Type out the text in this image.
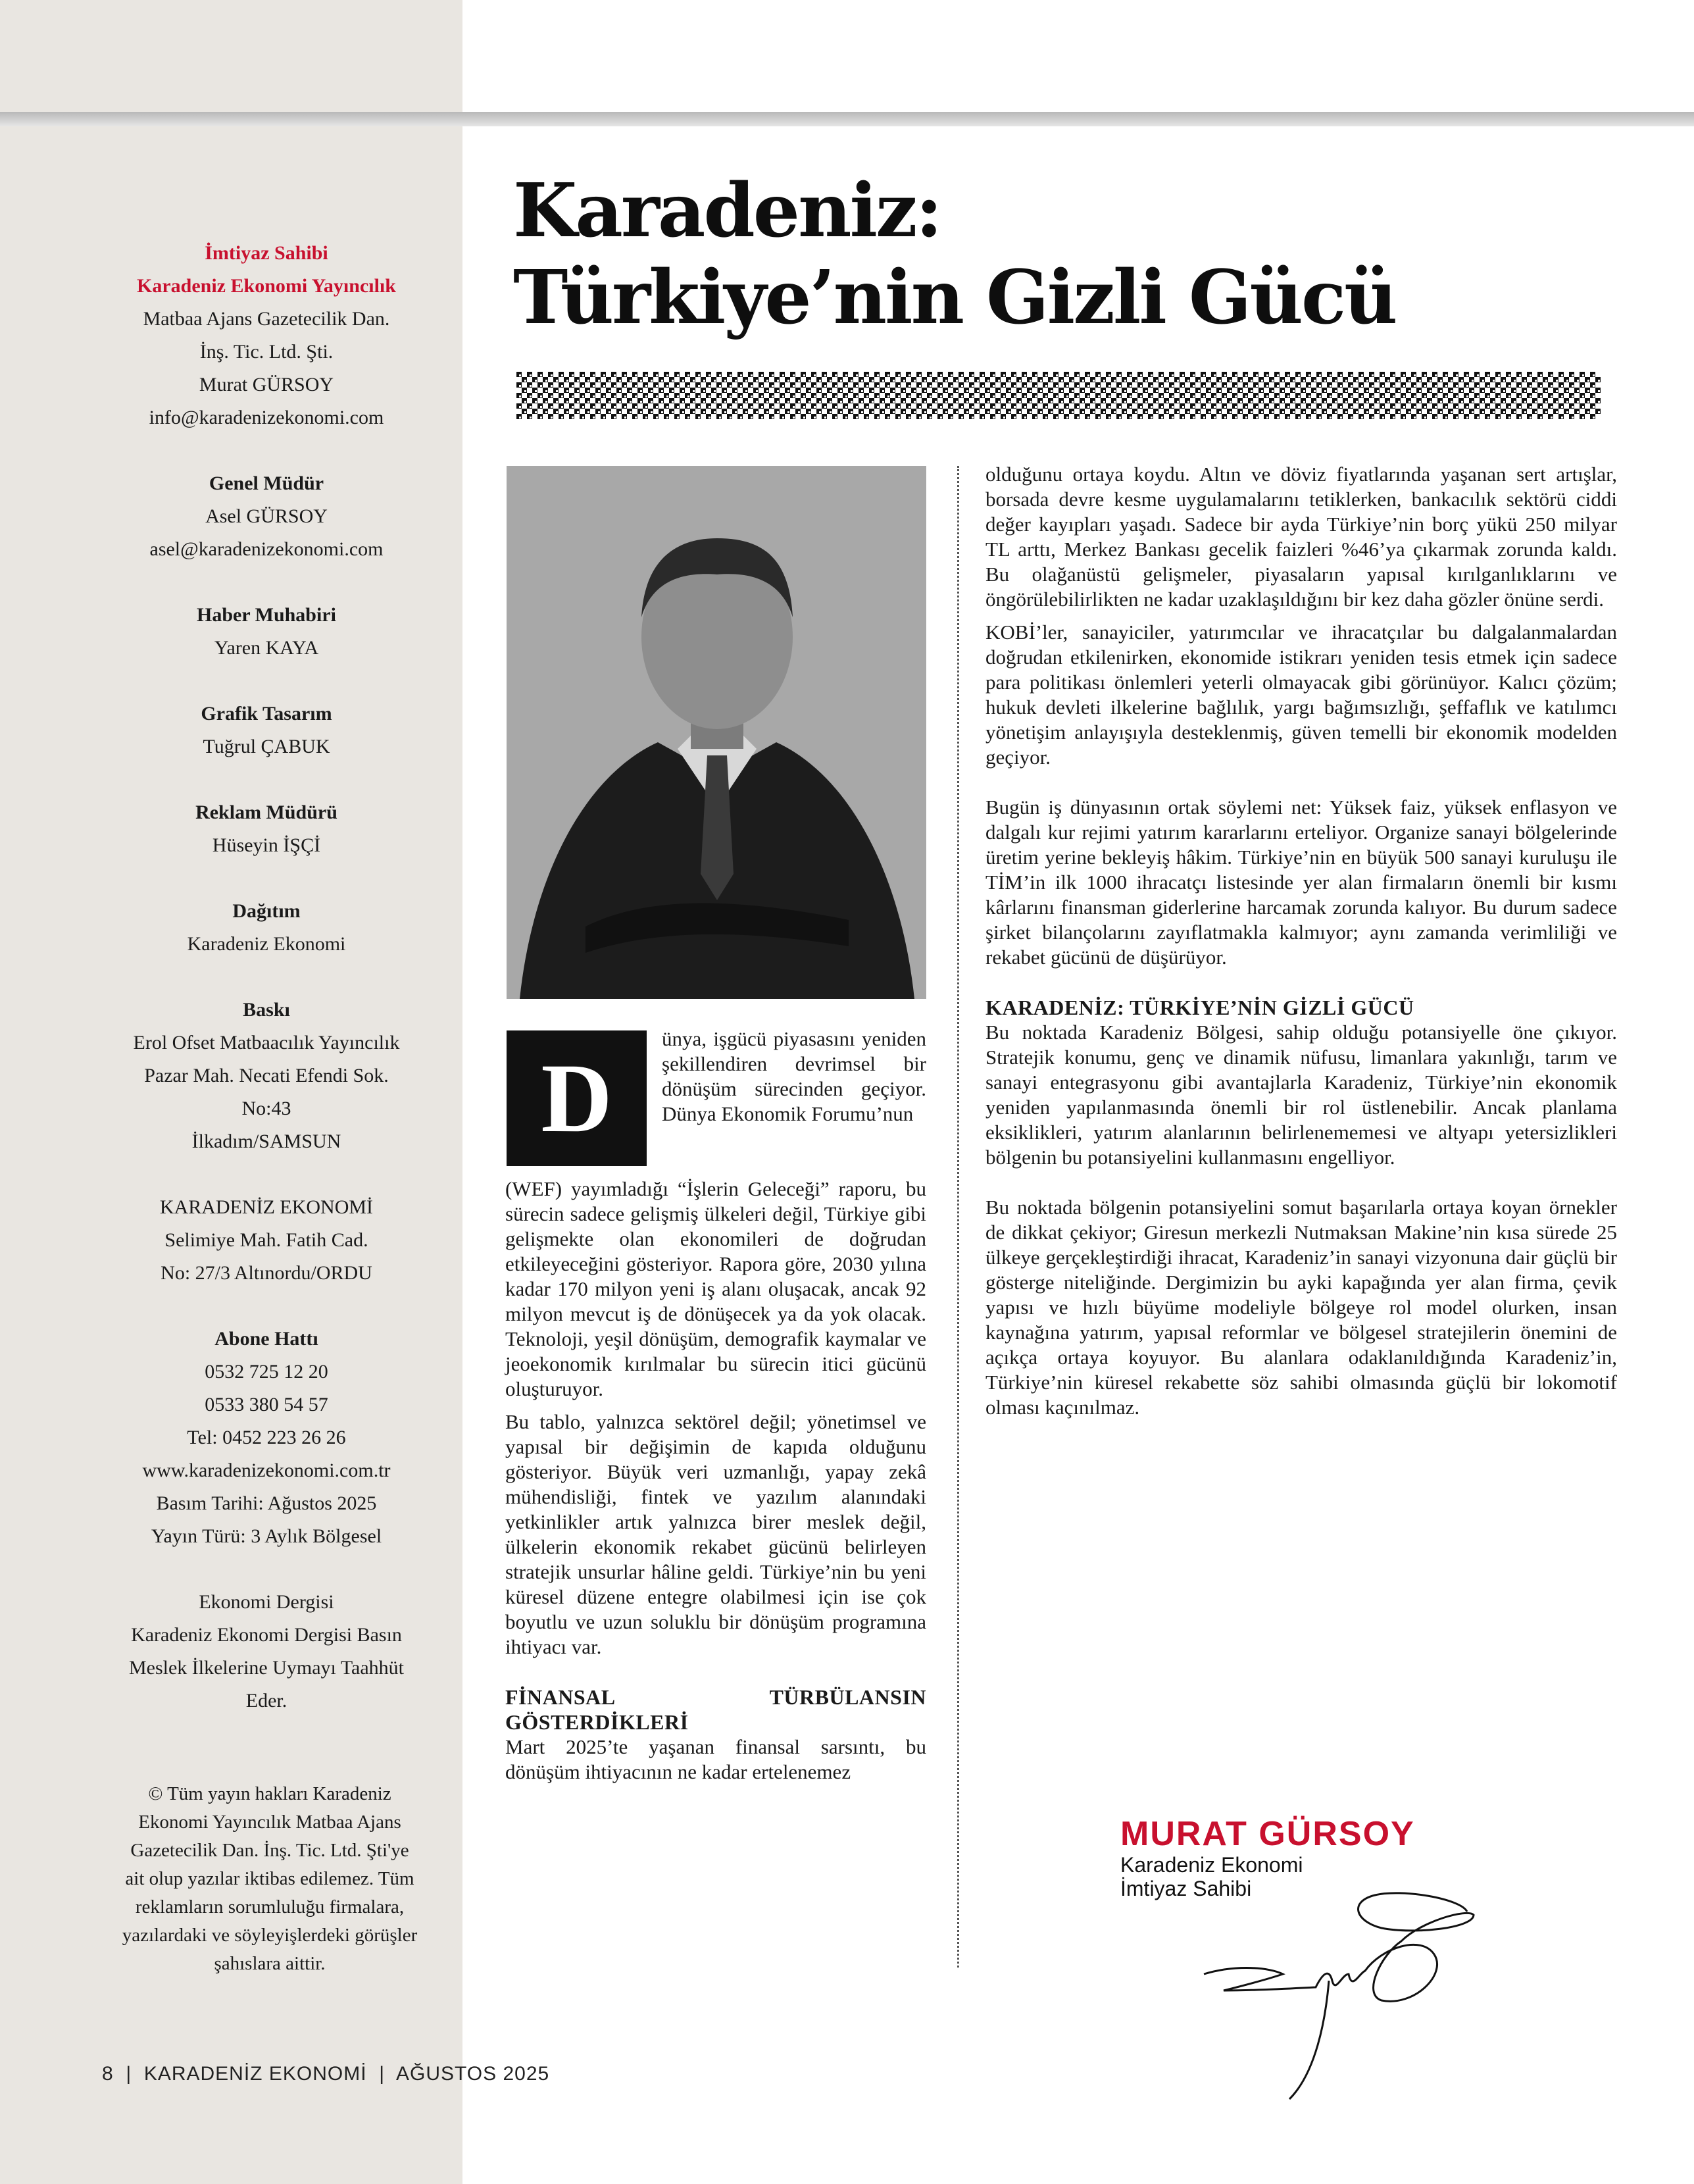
İmtiyaz Sahibi

Karadeniz Ekonomi Yayıncılık

Matbaa Ajans Gazetecilik Dan.

İnş. Tic. Ltd. Şti.

Murat GÜRSOY

info@karadenizekonomi.com

Genel Müdür

Asel GÜRSOY

asel@karadenizekonomi.com

Haber Muhabiri

Yaren KAYA

Grafik Tasarım

Tuğrul ÇABUK

Reklam Müdürü

Hüseyin İŞÇİ

Dağıtım

Karadeniz Ekonomi

Baskı

Erol Ofset Matbaacılık Yayıncılık

Pazar Mah. Necati Efendi Sok.

No:43

İlkadım/SAMSUN

KARADENİZ EKONOMİ

Selimiye Mah. Fatih Cad.

No: 27/3 Altınordu/ORDU

Abone Hattı

0532 725 12 20

0533 380 54 57

Tel: 0452 223 26 26

www.karadenizekonomi.com.tr

Basım Tarihi: Ağustos 2025

Yayın Türü: 3 Aylık Bölgesel

Ekonomi Dergisi

Karadeniz Ekonomi Dergisi Basın

Meslek İlkelerine Uymayı Taahhüt

Eder.

© Tüm yayın hakları Karadeniz
Ekonomi Yayıncılık Matbaa Ajans
Gazetecilik Dan. İnş. Tic. Ltd. Şti'ye
ait olup yazılar iktibas edilemez. Tüm
reklamların sorumluluğu firmalara,
yazılardaki ve söyleyişlerdeki görüşler
şahıslara aittir.
8  |  KARADENİZ EKONOMİ  |  AĞUSTOS 2025
Karadeniz:
Türkiye’nin Gizli Gücü
D

ünya, işgücü piyasasını yeniden şekillendiren devrimsel bir dönüşüm sürecinden geçiyor. Dünya Ekonomik Forumu’nun

(WEF) yayımladığı “İşlerin Geleceği” raporu, bu sürecin sadece gelişmiş ülkeleri değil, Türkiye gibi gelişmekte olan ekonomileri de doğrudan etkileyeceğini gösteriyor. Rapora göre, 2030 yılına kadar 170 milyon yeni iş alanı oluşacak, ancak 92 milyon mevcut iş de dönüşecek ya da yok olacak. Teknoloji, yeşil dönüşüm, demografik kaymalar ve jeoekonomik kırılmalar bu sürecin itici gücünü oluşturuyor.

Bu tablo, yalnızca sektörel değil; yönetimsel ve yapısal bir değişimin de kapıda olduğunu gösteriyor. Büyük veri uzmanlığı, yapay zekâ mühendisliği, fintek ve yazılım alanındaki yetkinlikler artık yalnızca birer meslek değil, ülkelerin ekonomik rekabet gücünü belirleyen stratejik unsurlar hâline geldi. Türkiye’nin bu yeni küresel düzene entegre olabilmesi için ise çok boyutlu ve uzun soluklu bir dönüşüm programına ihtiyacı var.

FİNANSAL TÜRBÜLANSIN GÖSTERDİKLERİ

Mart 2025’te yaşanan finansal sarsıntı, bu dönüşüm ihtiyacının ne kadar ertelenemez

olduğunu ortaya koydu. Altın ve döviz fiyatlarında yaşanan sert artışlar, borsada devre kesme uygulamalarını tetiklerken, bankacılık sektörü ciddi değer kayıpları yaşadı. Sadece bir ayda Türkiye’nin borç yükü 250 milyar TL arttı, Merkez Bankası gecelik faizleri %46’ya çıkarmak zorunda kaldı. Bu olağanüstü gelişmeler, piyasaların yapısal kırılganlıklarını ve öngörülebilirlikten ne kadar uzaklaşıldığını bir kez daha gözler önüne serdi.

KOBİ’ler, sanayiciler, yatırımcılar ve ihracatçılar bu dalgalanmalardan doğrudan etkilenirken, ekonomide istikrarı yeniden tesis etmek için sadece para politikası önlemleri yeterli olmayacak gibi görünüyor. Kalıcı çözüm; hukuk devleti ilkelerine bağlılık, yargı bağımsızlığı, şeffaflık ve katılımcı yönetişim anlayışıyla desteklenmiş, güven temelli bir ekonomik modelden geçiyor.

Bugün iş dünyasının ortak söylemi net: Yüksek faiz, yüksek enflasyon ve dalgalı kur rejimi yatırım kararlarını erteliyor. Organize sanayi bölgelerinde üretim yerine bekleyiş hâkim. Türkiye’nin en büyük 500 sanayi kuruluşu ile TİM’in ilk 1000 ihracatçı listesinde yer alan firmaların önemli bir kısmı kârlarını finansman giderlerine harcamak zorunda kalıyor. Bu durum sadece şirket bilançolarını zayıflatmakla kalmıyor; aynı zamanda verimliliği ve rekabet gücünü de düşürüyor.

KARADENİZ: TÜRKİYE’NİN GİZLİ GÜCÜ

Bu noktada Karadeniz Bölgesi, sahip olduğu potansiyelle öne çıkıyor. Stratejik konumu, genç ve dinamik nüfusu, limanlara yakınlığı, tarım ve sanayi entegrasyonu gibi avantajlarla Karadeniz, Türkiye’nin ekonomik yeniden yapılanmasında önemli bir rol üstlenebilir. Ancak planlama eksiklikleri, yatırım alanlarının belirlenememesi ve altyapı yetersizlikleri bölgenin bu potansiyelini kullanmasını engelliyor.

Bu noktada bölgenin potansiyelini somut başarılarla ortaya koyan örnekler de dikkat çekiyor; Giresun merkezli Nutmaksan Makine’nin kısa sürede 25 ülkeye gerçekleştirdiği ihracat, Karadeniz’in sanayi vizyonuna dair güçlü bir gösterge niteliğinde. Dergimizin bu ayki kapağında yer alan firma, çevik yapısı ve hızlı büyüme modeliyle bölgeye rol model olurken, insan kaynağına yatırım, yapısal reformlar ve bölgesel stratejilerin önemini de açıkça ortaya koyuyor. Bu alanlara odaklanıldığında Karadeniz’in, Türkiye’nin küresel rekabette söz sahibi olmasında güçlü bir lokomotif olması kaçınılmaz.

MURAT GÜRSOY
Karadeniz Ekonomi
İmtiyaz Sahibi
